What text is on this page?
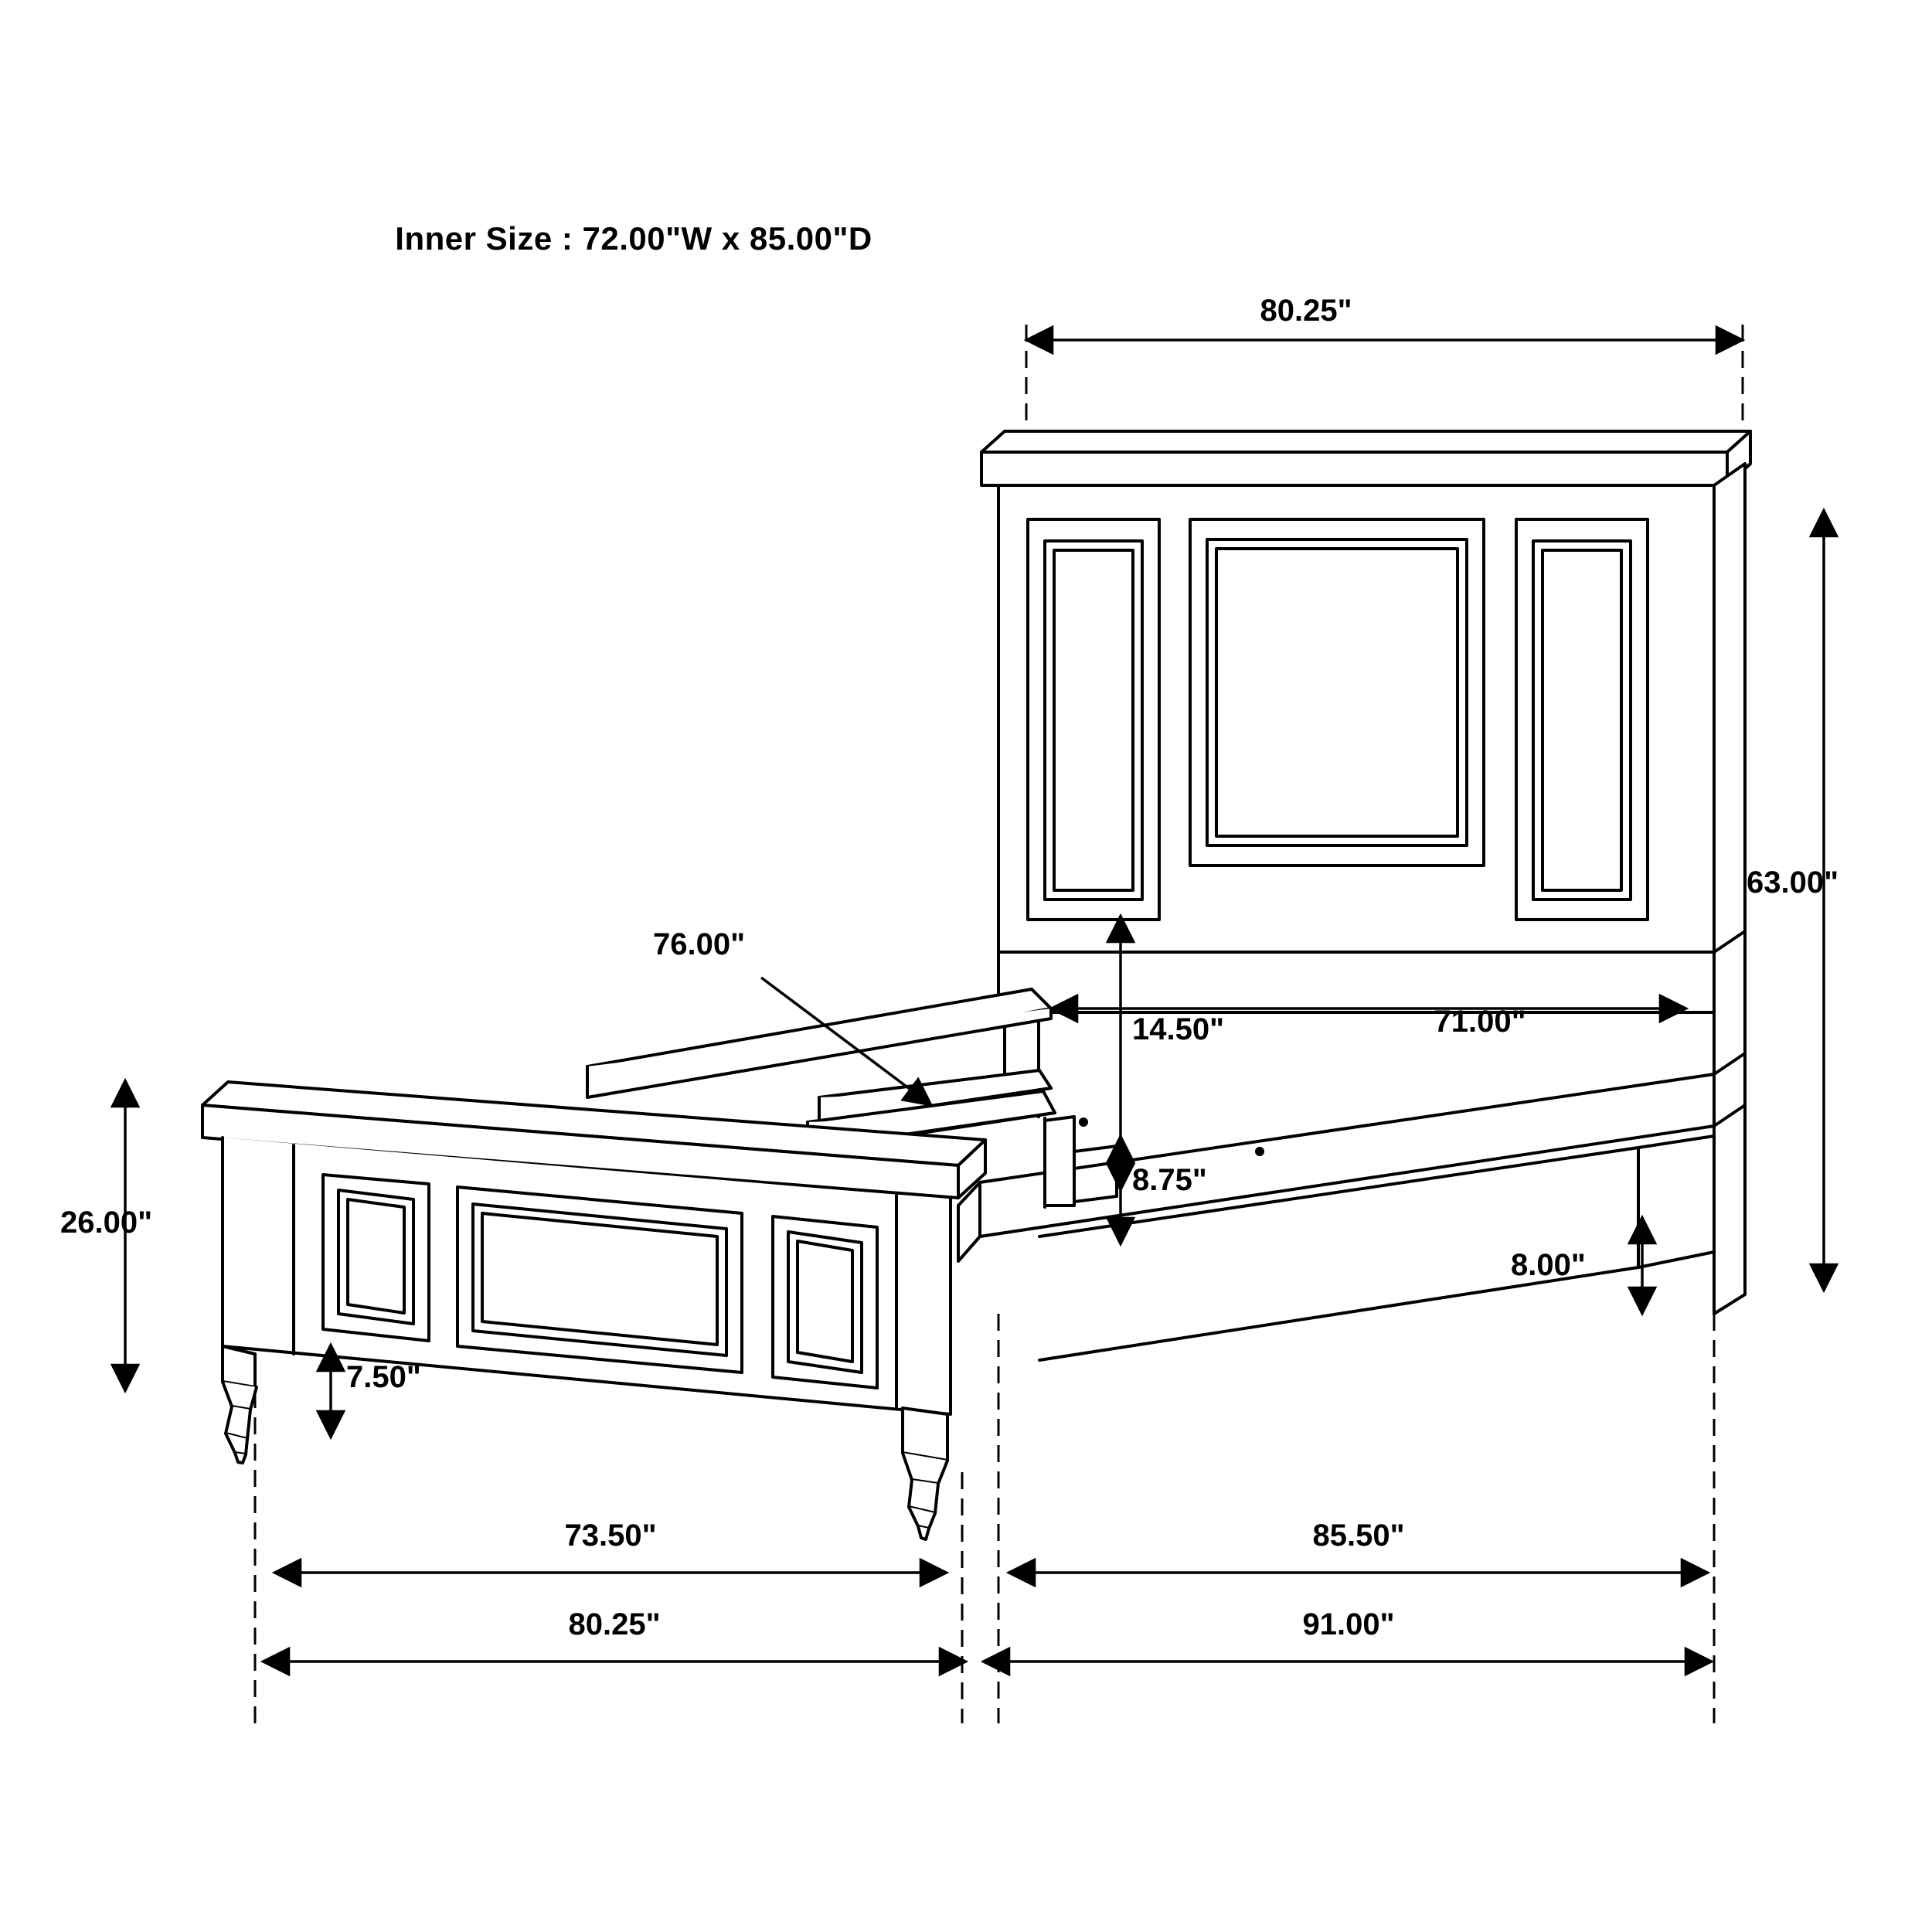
Inner Size : 72.00"W x 85.00"D
80.25"
63.00"
71.00"
76.00"
14.50"
8.75"
8.00"
26.00"
7.50"
73.50"	85.50"
80.25"	91.00"
